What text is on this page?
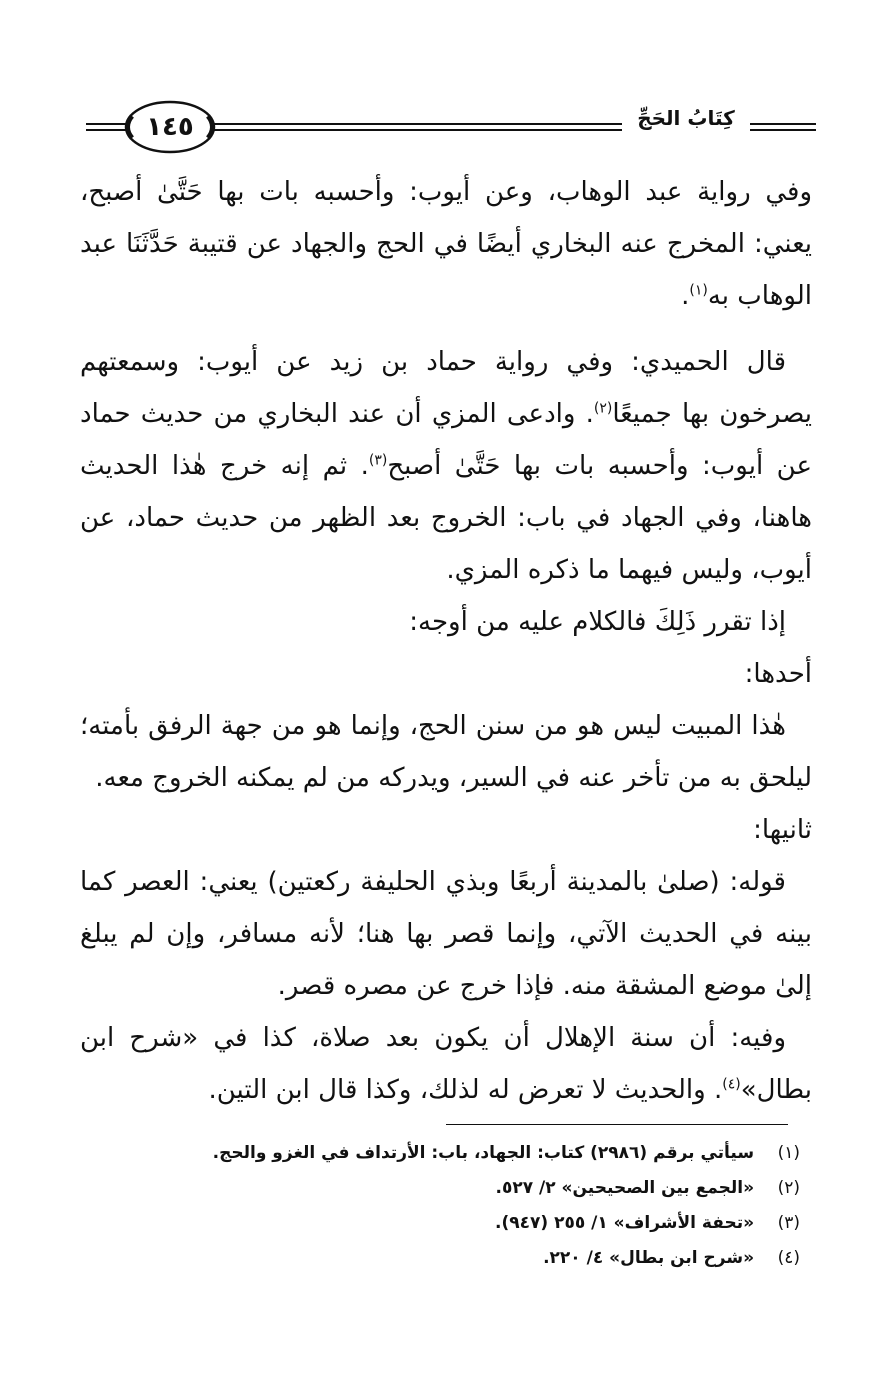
١٤٥	كِتَابُ الحَجِّ

وفي رواية عبد الوهاب، وعن أيوب: وأحسبه بات بها حَتَّىٰ أصبح، يعني: المخرج عنه البخاري أيضًا في الحج والجهاد عن قتيبة حَدَّثَنَا عبد الوهاب به$^{(١)}$.

قال الحميدي: وفي رواية حماد بن زيد عن أيوب: وسمعتهم يصرخون بها جميعًا$^{(٢)}$. وادعى المزي أن عند البخاري من حديث حماد عن أيوب: وأحسبه بات بها حَتَّىٰ أصبح$^{(٣)}$. ثم إنه خرج هٰذا الحديث هاهنا، وفي الجهاد في باب: الخروج بعد الظهر من حديث حماد، عن أيوب، وليس فيهما ما ذكره المزي.

إذا تقرر ذَلِكَ فالكلام عليه من أوجه:

أحدها:

هٰذا المبيت ليس هو من سنن الحج، وإنما هو من جهة الرفق بأمته؛ ليلحق به من تأخر عنه في السير، ويدركه من لم يمكنه الخروج معه.

ثانيها:

قوله: (صلىٰ بالمدينة أربعًا وبذي الحليفة ركعتين) يعني: العصر كما بينه في الحديث الآتي، وإنما قصر بها هنا؛ لأنه مسافر، وإن لم يبلغ إلىٰ موضع المشقة منه. فإذا خرج عن مصره قصر.

وفيه: أن سنة الإهلال أن يكون بعد صلاة، كذا في «شرح ابن بطال»$^{(٤)}$. والحديث لا تعرض له لذلك، وكذا قال ابن التين.

(١) سيأتي برقم (٢٩٨٦) كتاب: الجهاد، باب: الأرتداف في الغزو والحج.
(٢) «الجمع بين الصحيحين» ٢/ ٥٢٧.
(٣) «تحفة الأشراف» ١/ ٢٥٥ (٩٤٧).
(٤) «شرح ابن بطال» ٤/ ٢٢٠.
